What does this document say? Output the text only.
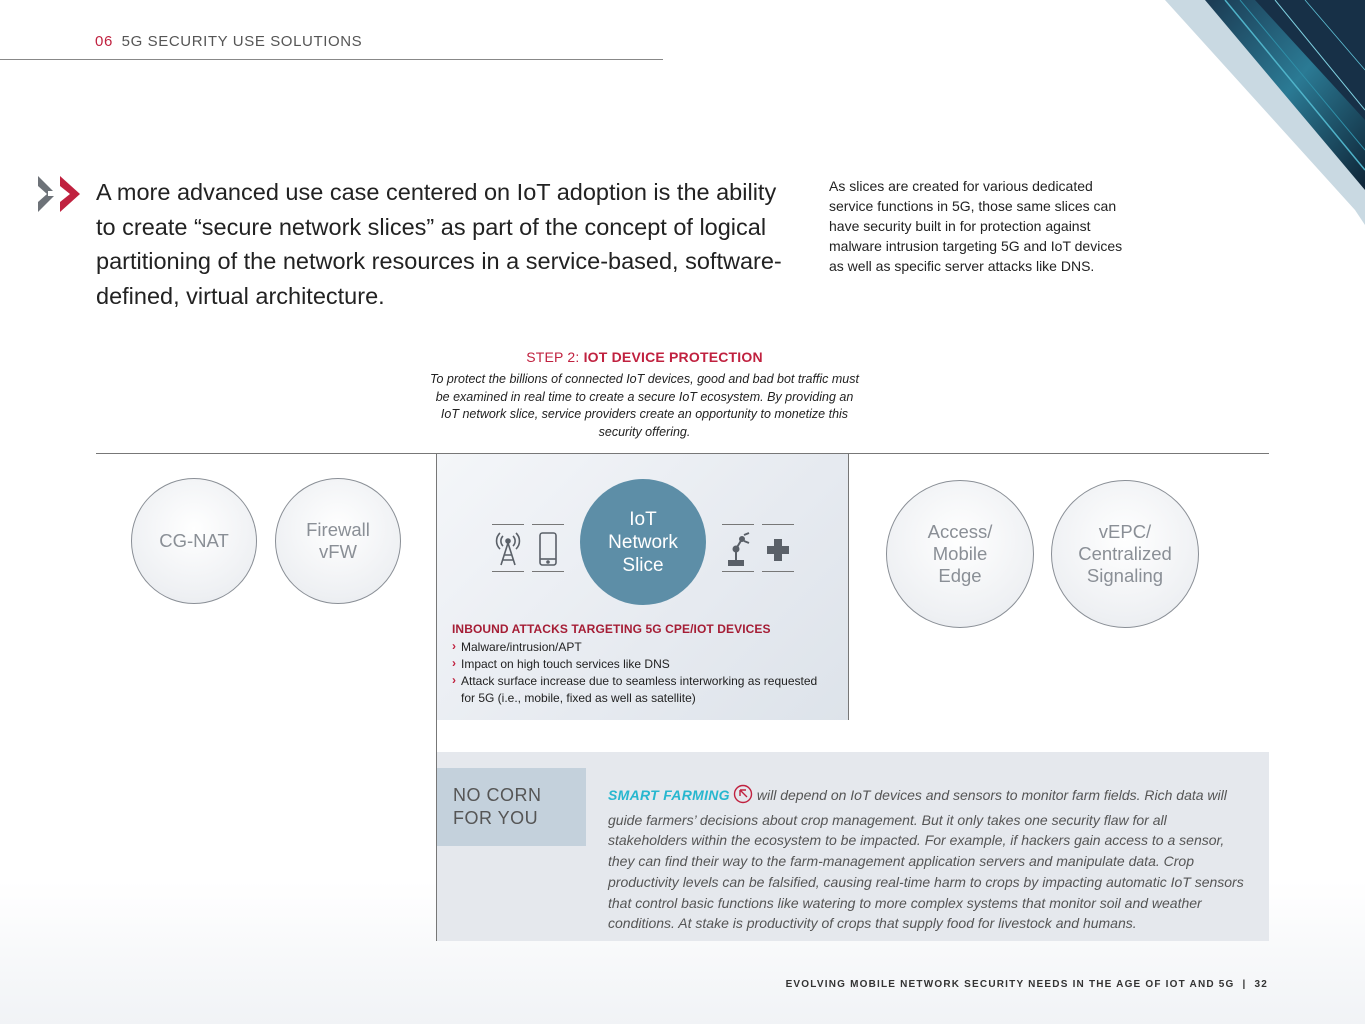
06 5G SECURITY USE SOLUTIONS

A more advanced use case centered on IoT adoption is the ability to create “secure network slices” as part of the concept of logical partitioning of the network resources in a service-based, software-defined, virtual architecture.

As slices are created for various dedicated service functions in 5G, those same slices can have security built in for protection against malware intrusion targeting 5G and IoT devices as well as specific server attacks like DNS.

STEP 2: IOT DEVICE PROTECTION

To protect the billions of connected IoT devices, good and bad bot traffic must be examined in real time to create a secure IoT ecosystem. By providing an IoT network slice, service providers create an opportunity to monetize this security offering.

CG-NAT
Firewall
vFW
IoT
Network
Slice
Access/
Mobile
Edge
vEPC/
Centralized
Signaling
INBOUND ATTACKS TARGETING 5G CPE/IOT DEVICES
› Malware/intrusion/APT
› Impact on high touch services like DNS
› Attack surface increase due to seamless interworking as requested for 5G (i.e., mobile, fixed as well as satellite)
NO CORN
FOR YOU

SMART FARMING will depend on IoT devices and sensors to monitor farm fields. Rich data will guide farmers’ decisions about crop management. But it only takes one security flaw for all stakeholders within the ecosystem to be impacted. For example, if hackers gain access to a sensor, they can find their way to the farm-management application servers and manipulate data. Crop productivity levels can be falsified, causing real-time harm to crops by impacting automatic IoT sensors that control basic functions like watering to more complex systems that monitor soil and weather conditions. At stake is productivity of crops that supply food for livestock and humans.

EVOLVING MOBILE NETWORK SECURITY NEEDS IN THE AGE OF IOT AND 5G | 32
